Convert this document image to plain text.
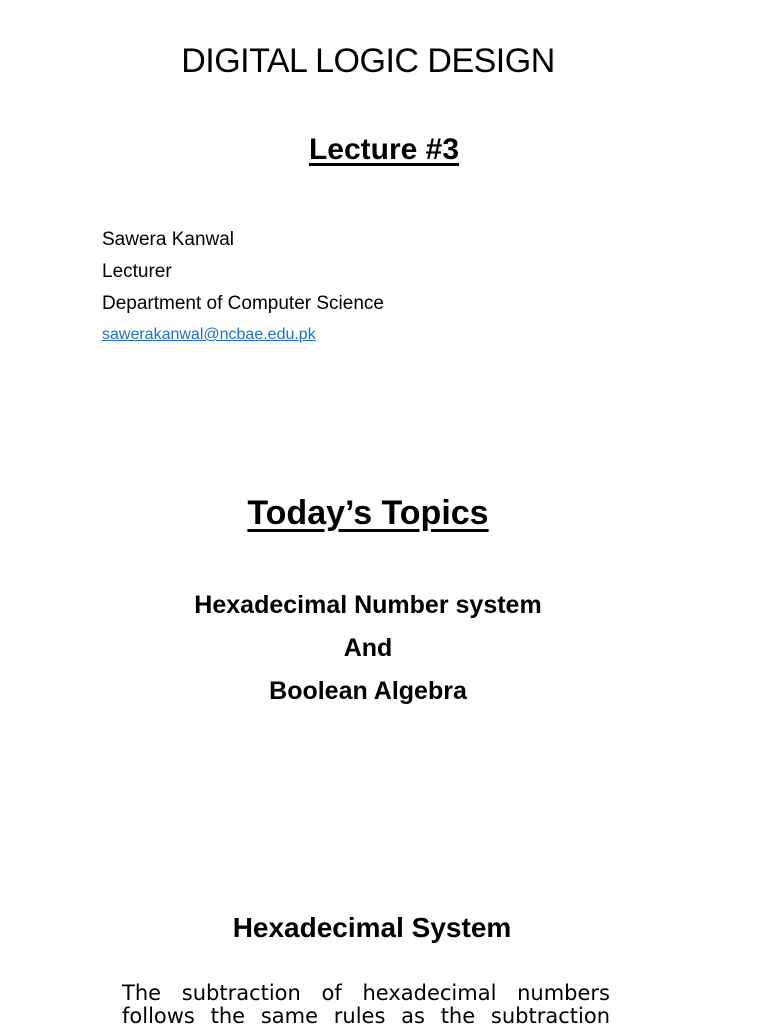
DIGITAL LOGIC DESIGN
Lecture #3
Sawera Kanwal
Lecturer
Department of Computer Science
sawerakanwal@ncbae.edu.pk
Today’s Topics
Hexadecimal Number system
And
Boolean Algebra
Hexadecimal System
The subtraction of hexadecimal numbers
follows the same rules as the subtraction
